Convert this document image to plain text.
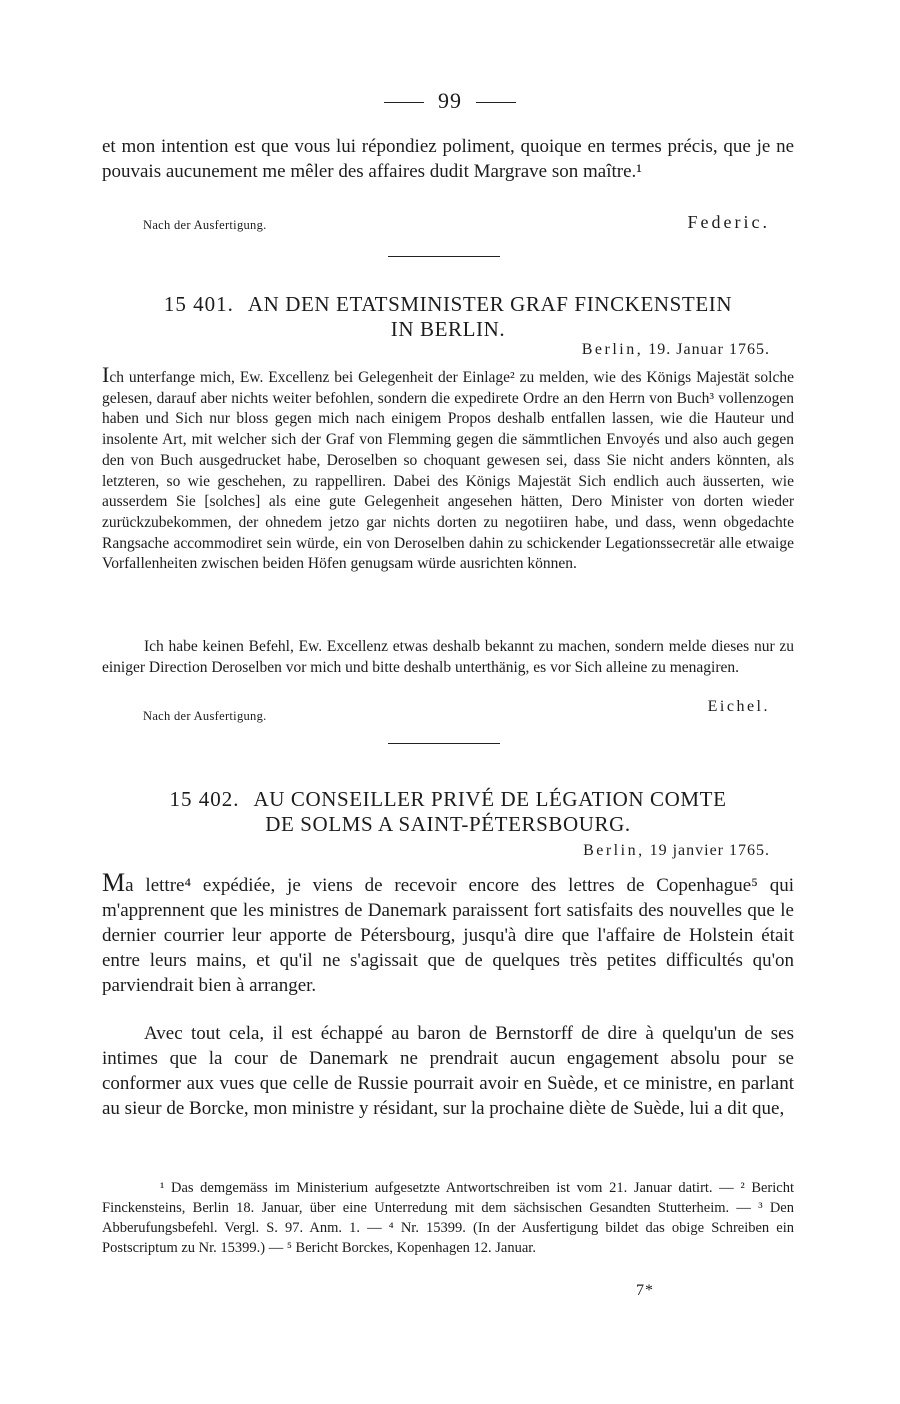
99

et mon intention est que vous lui répondiez poliment, quoique en termes précis, que je ne pouvais aucunement me mêler des affaires dudit Margrave son maître.¹

Nach der Ausfertigung.	Federic.
15 401. AN DEN ETATSMINISTER GRAF FINCKENSTEIN
IN BERLIN.
Berlin, 19. Januar 1765.

Ich unterfange mich, Ew. Excellenz bei Gelegenheit der Einlage² zu melden, wie des Königs Majestät solche gelesen, darauf aber nichts weiter befohlen, sondern die expedirete Ordre an den Herrn von Buch³ vollenzogen haben und Sich nur bloss gegen mich nach einigem Propos deshalb entfallen lassen, wie die Hauteur und insolente Art, mit welcher sich der Graf von Flemming gegen die sämmtlichen Envoyés und also auch gegen den von Buch ausgedrucket habe, Deroselben so choquant gewesen sei, dass Sie nicht anders könnten, als letzteren, so wie geschehen, zu rappelliren. Dabei des Königs Majestät Sich endlich auch äusserten, wie ausserdem Sie [solches] als eine gute Gelegenheit angesehen hätten, Dero Minister von dorten wieder zurückzubekommen, der ohnedem jetzo gar nichts dorten zu negotiiren habe, und dass, wenn obgedachte Rangsache accommodiret sein würde, ein von Deroselben dahin zu schickender Legationssecretär alle etwaige Vorfallenheiten zwischen beiden Höfen genugsam würde ausrichten können.

Ich habe keinen Befehl, Ew. Excellenz etwas deshalb bekannt zu machen, sondern melde dieses nur zu einiger Direction Deroselben vor mich und bitte deshalb unterthänig, es vor Sich alleine zu menagiren.

Nach der Ausfertigung.
Eichel.
15 402. AU CONSEILLER PRIVÉ DE LÉGATION COMTE
DE SOLMS A SAINT-PÉTERSBOURG.
Berlin, 19 janvier 1765.

Ma lettre⁴ expédiée, je viens de recevoir encore des lettres de Copenhague⁵ qui m'apprennent que les ministres de Danemark paraissent fort satisfaits des nouvelles que le dernier courrier leur apporte de Pétersbourg, jusqu'à dire que l'affaire de Holstein était entre leurs mains, et qu'il ne s'agissait que de quelques très petites difficultés qu'on parviendrait bien à arranger.

Avec tout cela, il est échappé au baron de Bernstorff de dire à quelqu'un de ses intimes que la cour de Danemark ne prendrait aucun engagement absolu pour se conformer aux vues que celle de Russie pourrait avoir en Suède, et ce ministre, en parlant au sieur de Borcke, mon ministre y résidant, sur la prochaine diète de Suède, lui a dit que,

¹ Das demgemäss im Ministerium aufgesetzte Antwortschreiben ist vom 21. Januar datirt. — ² Bericht Finckensteins, Berlin 18. Januar, über eine Unterredung mit dem sächsischen Gesandten Stutterheim. — ³ Den Abberufungsbefehl. Vergl. S. 97. Anm. 1. — ⁴ Nr. 15399. (In der Ausfertigung bildet das obige Schreiben ein Postscriptum zu Nr. 15399.) — ⁵ Bericht Borckes, Kopenhagen 12. Januar.

7*
